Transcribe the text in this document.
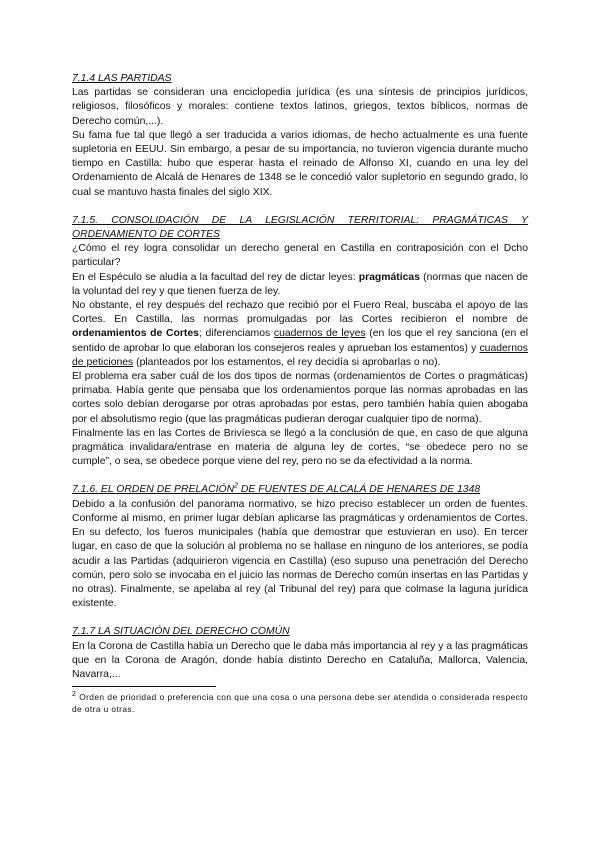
7.1.4 LAS PARTIDAS

Las partidas se consideran una enciclopedia jurídica (es una síntesis de principios jurídicos, religiosos, filosóficos y morales: contiene textos latinos, griegos, textos bíblicos, normas de Derecho común,...).

Su fama fue tal que llegó a ser traducida a varios idiomas, de hecho actualmente es una fuente supletoria en EEUU. Sin embargo, a pesar de su importancia, no tuvieron vigencia durante mucho tiempo en Castilla: hubo que esperar hasta el reinado de Alfonso XI, cuando en una ley del Ordenamiento de Alcalá de Henares de 1348 se le concedió valor supletorio en segundo grado, lo cual se mantuvo hasta finales del siglo XIX.

7.1.5. CONSOLIDACIÓN DE LA LEGISLACIÓN TERRITORIAL: PRAGMÁTICAS Y ORDENAMIENTO DE CORTES

¿Cómo el rey logra consolidar un derecho general en Castilla en contraposición con el Dcho particular?

En el Espéculo se aludía a la facultad del rey de dictar leyes: pragmáticas (normas que nacen de la voluntad del rey y que tienen fuerza de ley.

No obstante, el rey después del rechazo que recibió por el Fuero Real, buscaba el apoyo de las Cortes. En Castilla, las normas promulgadas por las Cortes recibieron el nombre de ordenamientos de Cortes; diferenciamos cuadernos de leyes (en los que el rey sanciona (en el sentido de aprobar lo que elaboran los consejeros reales y aprueban los estamentos) y cuadernos de peticiones (planteados por los estamentos, el rey decidía si aprobarlas o no).

El problema era saber cuál de los dos tipos de normas (ordenamientos de Cortes o pragmáticas) primaba. Había gente que pensaba que los ordenamientos porque las normas aprobadas en las cortes solo debían derogarse por otras aprobadas por estas, pero también había quien abogaba por el absolutismo regio (que las pragmáticas pudieran derogar cualquier tipo de norma).

Finalmente las en las Cortes de Brivíesca se llegó a la conclusión de que, en caso de que alguna pragmática invalidara/entrase en materia de alguna ley de cortes, “se obedece pero no se cumple”, o sea, se obedece porque viene del rey, pero no se da efectividad a la norma.

7.1.6. EL ORDEN DE PRELACIÓN$^2$ DE FUENTES DE ALCALÁ DE HENARES DE 1348

Debido a la confusión del panorama normativo, se hizo preciso establecer un orden de fuentes. Conforme al mismo, en primer lugar debían aplicarse las pragmáticas y ordenamientos de Cortes. En su defecto, los fueros municipales (había que demostrar que estuvieran en uso). En tercer lugar, en caso de que la solución al problema no se hallase en ninguno de los anteriores, se podía acudir a las Partidas (adquirieron vigencia en Castilla) (eso supuso una penetración del Derecho común, pero solo se invocaba en el juicio las normas de Derecho común insertas en las Partidas y no otras). Finalmente, se apelaba al rey (al Tribunal del rey) para que colmase la laguna jurídica existente.

7.1.7 LA SITUACIÓN DEL DERECHO COMÚN

En la Corona de Castilla había un Derecho que le daba más importancia al rey y a las pragmáticas que en la Corona de Aragón, donde había distinto Derecho en Cataluña, Mallorca, Valencia, Navarra,...

$^2$ Orden de prioridad o preferencia con que una cosa o una persona debe ser atendida o considerada respecto de otra u otras.
